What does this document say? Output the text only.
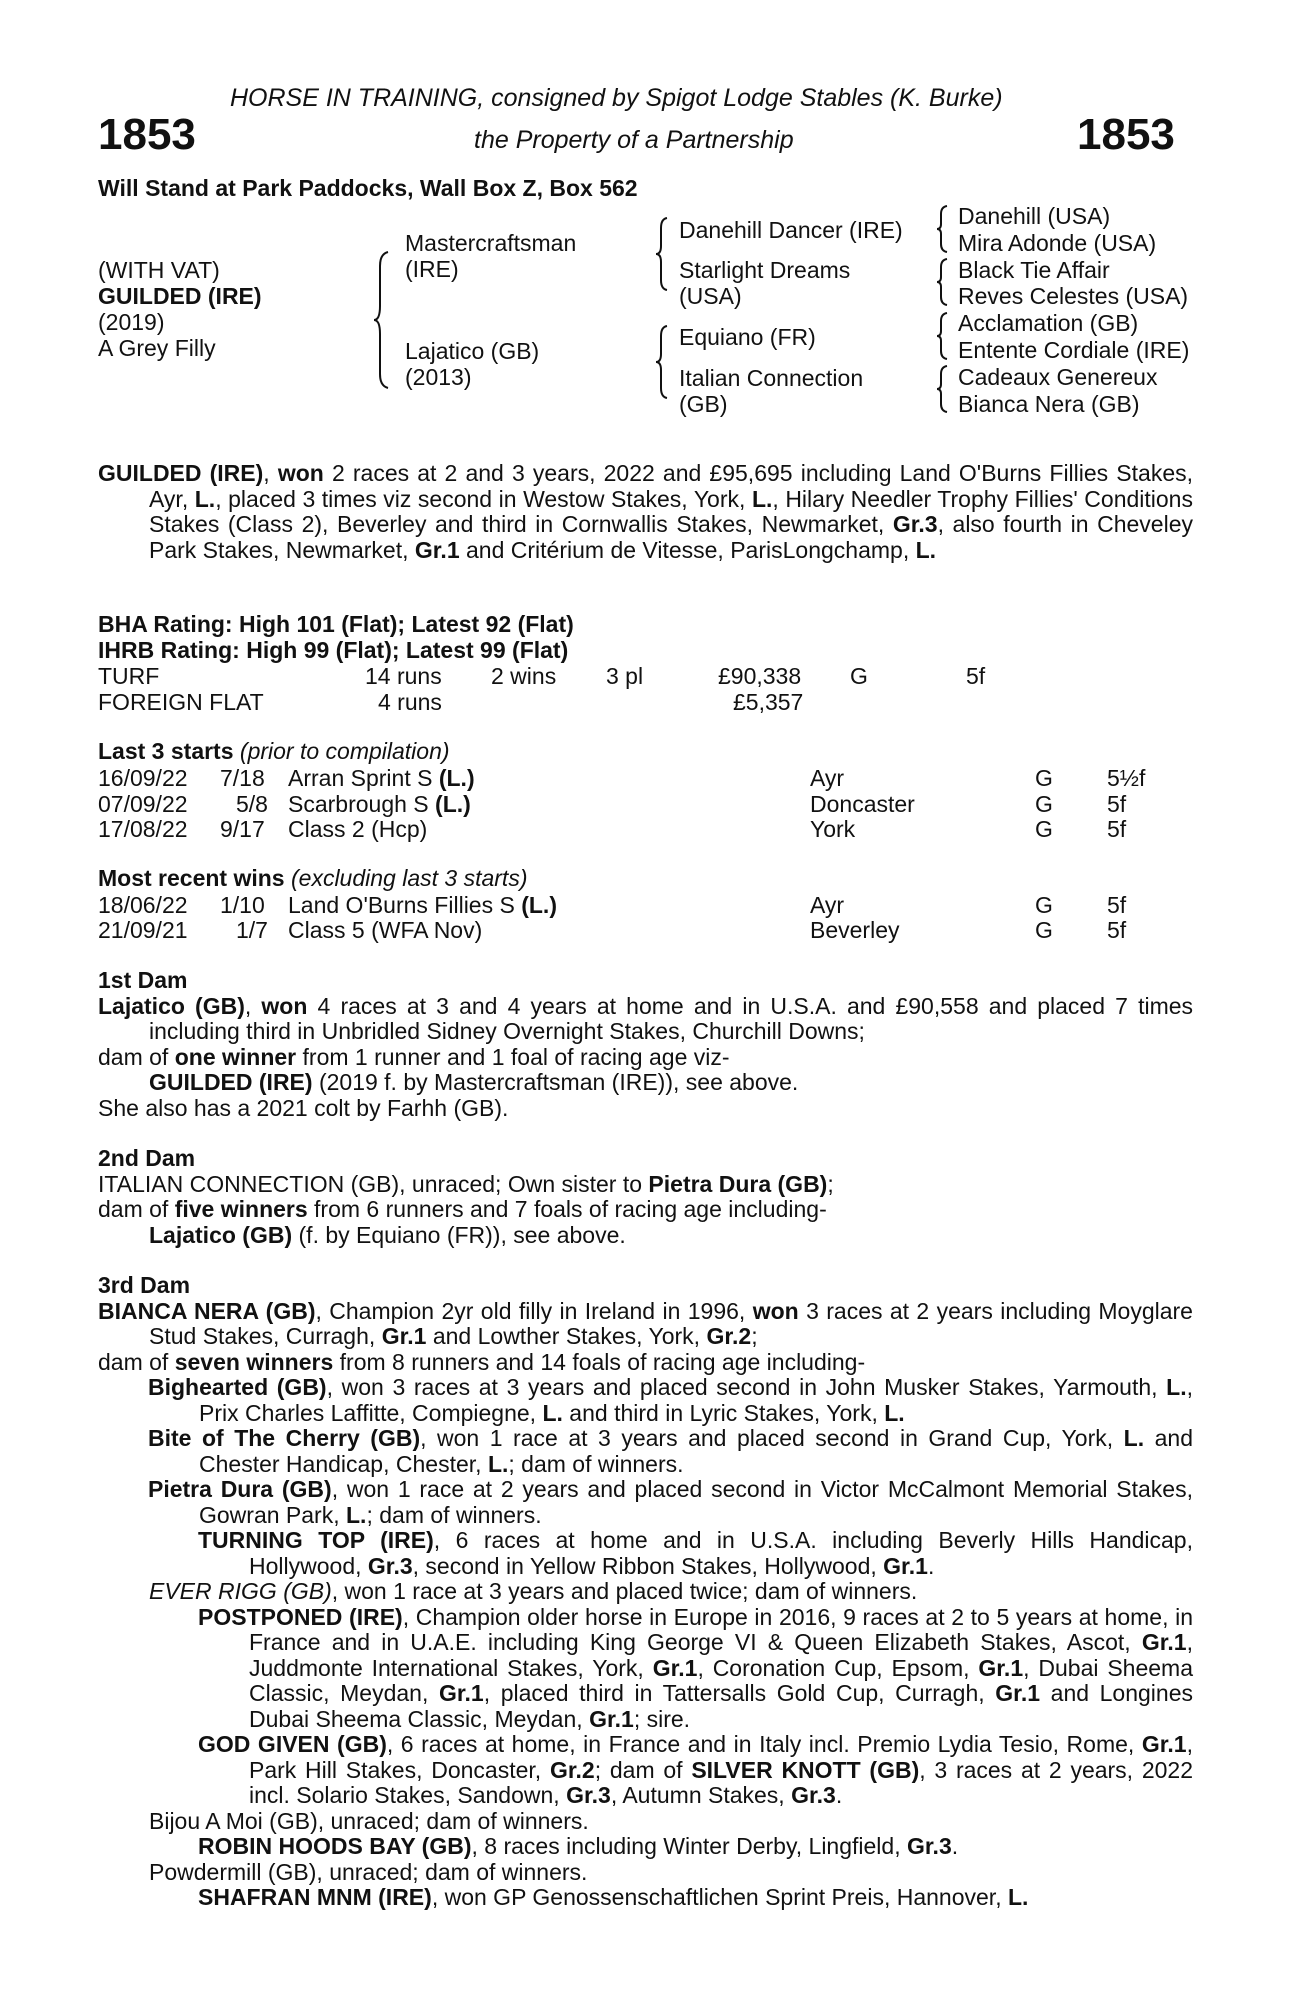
HORSE IN TRAINING, consigned by Spigot Lodge Stables (K. Burke)
1853	the Property of a Partnership	1853
Will Stand at Park Paddocks, Wall Box Z, Box 562
(WITH VAT)
GUILDED (IRE)
(2019)
A Grey Filly
Mastercraftsman
(IRE)
Lajatico (GB)
(2013)
Danehill Dancer (IRE)
Starlight Dreams
(USA)
Equiano (FR)
Italian Connection
(GB)
Danehill (USA)
Mira Adonde (USA)
Black Tie Affair
Reves Celestes (USA)
Acclamation (GB)
Entente Cordiale (IRE)
Cadeaux Genereux
Bianca Nera (GB)

GUILDED (IRE), won 2 races at 2 and 3 years, 2022 and £95,695 including Land O'Burns Fillies Stakes, Ayr, L., placed 3 times viz second in Westow Stakes, York, L., Hilary Needler Trophy Fillies' Conditions Stakes (Class 2), Beverley and third in Cornwallis Stakes, Newmarket, Gr.3, also fourth in Cheveley Park Stakes, Newmarket, Gr.1 and Critérium de Vitesse, ParisLongchamp, L.

BHA Rating: High 101 (Flat); Latest 92 (Flat)
IHRB Rating: High 99 (Flat); Latest 99 (Flat)
TURF	14 runs 2 wins 3 pl	£90,338 G	5f
FOREIGN FLAT	4 runs	£5,357
Last 3 starts (prior to compilation)
16/09/22 7/18 Arran Sprint S (L.)	Ayr	G 5½f
07/09/22 5/8 Scarbrough S (L.)	Doncaster	G 5f
17/08/22 9/17 Class 2 (Hcp)	York	G 5f
Most recent wins (excluding last 3 starts)
18/06/22 1/10 Land O'Burns Fillies S (L.)	Ayr	G 5f
21/09/21 1/7 Class 5 (WFA Nov)	Beverley	G 5f

1st Dam

Lajatico (GB), won 4 races at 3 and 4 years at home and in U.S.A. and £90,558 and placed 7 times including third in Unbridled Sidney Overnight Stakes, Churchill Downs;

dam of one winner from 1 runner and 1 foal of racing age viz-

GUILDED (IRE) (2019 f. by Mastercraftsman (IRE)), see above.

She also has a 2021 colt by Farhh (GB).

2nd Dam

ITALIAN CONNECTION (GB), unraced; Own sister to Pietra Dura (GB);

dam of five winners from 6 runners and 7 foals of racing age including-

Lajatico (GB) (f. by Equiano (FR)), see above.

3rd Dam

BIANCA NERA (GB), Champion 2yr old filly in Ireland in 1996, won 3 races at 2 years including Moyglare Stud Stakes, Curragh, Gr.1 and Lowther Stakes, York, Gr.2;

dam of seven winners from 8 runners and 14 foals of racing age including-

Bighearted (GB), won 3 races at 3 years and placed second in John Musker Stakes, Yarmouth, L., Prix Charles Laffitte, Compiegne, L. and third in Lyric Stakes, York, L.

Bite of The Cherry (GB), won 1 race at 3 years and placed second in Grand Cup, York, L. and Chester Handicap, Chester, L.; dam of winners.

Pietra Dura (GB), won 1 race at 2 years and placed second in Victor McCalmont Memorial Stakes, Gowran Park, L.; dam of winners.

TURNING TOP (IRE), 6 races at home and in U.S.A. including Beverly Hills Handicap, Hollywood, Gr.3, second in Yellow Ribbon Stakes, Hollywood, Gr.1.

EVER RIGG (GB), won 1 race at 3 years and placed twice; dam of winners.

POSTPONED (IRE), Champion older horse in Europe in 2016, 9 races at 2 to 5 years at home, in France and in U.A.E. including King George VI & Queen Elizabeth Stakes, Ascot, Gr.1, Juddmonte International Stakes, York, Gr.1, Coronation Cup, Epsom, Gr.1, Dubai Sheema Classic, Meydan, Gr.1, placed third in Tattersalls Gold Cup, Curragh, Gr.1 and Longines Dubai Sheema Classic, Meydan, Gr.1; sire.

GOD GIVEN (GB), 6 races at home, in France and in Italy incl. Premio Lydia Tesio, Rome, Gr.1, Park Hill Stakes, Doncaster, Gr.2; dam of SILVER KNOTT (GB), 3 races at 2 years, 2022 incl. Solario Stakes, Sandown, Gr.3, Autumn Stakes, Gr.3.

Bijou A Moi (GB), unraced; dam of winners.

ROBIN HOODS BAY (GB), 8 races including Winter Derby, Lingfield, Gr.3.

Powdermill (GB), unraced; dam of winners.

SHAFRAN MNM (IRE), won GP Genossenschaftlichen Sprint Preis, Hannover, L.
